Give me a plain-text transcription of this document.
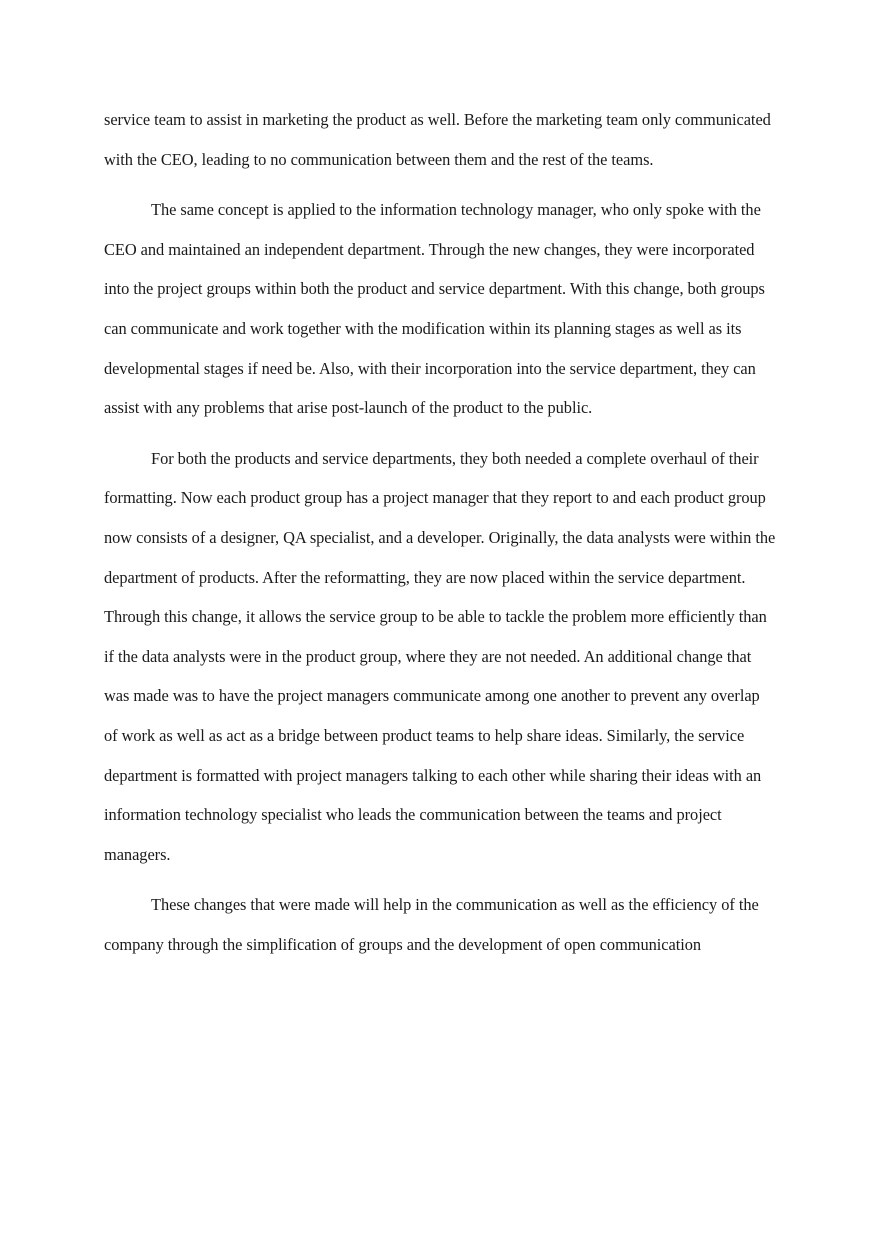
service team to assist in marketing the product as well. Before the marketing team only communicated with the CEO, leading to no communication between them and the rest of the teams.

The same concept is applied to the information technology manager, who only spoke with the CEO and maintained an independent department. Through the new changes, they were incorporated into the project groups within both the product and service department. With this change, both groups can communicate and work together with the modification within its planning stages as well as its developmental stages if need be. Also, with their incorporation into the service department, they can assist with any problems that arise post-launch of the product to the public.

For both the products and service departments, they both needed a complete overhaul of their formatting. Now each product group has a project manager that they report to and each product group now consists of a designer, QA specialist, and a developer. Originally, the data analysts were within the department of products. After the reformatting, they are now placed within the service department. Through this change, it allows the service group to be able to tackle the problem more efficiently than if the data analysts were in the product group, where they are not needed. An additional change that was made was to have the project managers communicate among one another to prevent any overlap of work as well as act as a bridge between product teams to help share ideas. Similarly, the service department is formatted with project managers talking to each other while sharing their ideas with an information technology specialist who leads the communication between the teams and project managers.

These changes that were made will help in the communication as well as the efficiency of the company through the simplification of groups and the development of open communication
